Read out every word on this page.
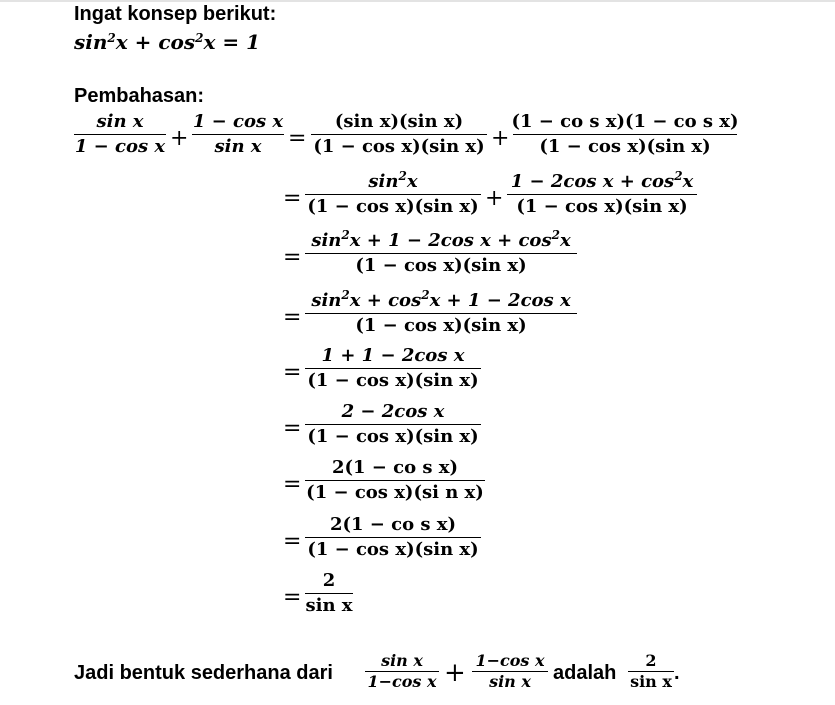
Ingat konsep berikut:
$\sin^2x + \cos^2x = 1$
Pembahasan:
sin x
1 − cos x +
1 − cos x
sin x =
(sin x)(sin x)
(1 − cos x)(sin x) +
(1 − co s x)(1 − co s x)
(1 − cos x)(sin x)
=
$\sin^2x$
(1 − cos x)(sin x) +
1 − 2cos $x + \cos^2x$
(1 − cos x)(sin x)
=
$\sin^2x + 1 - 2\cos$ $x + \cos^2x$
(1 − cos x)(sin x)
=
$\sin^2x + \cos^2x + 1 - 2\cos$ x
(1 − cos x)(sin x)
=
1 + 1 − 2cos x
(1 − cos x)(sin x)
=
2 − 2cos x
(1 − cos x)(sin x)
=
2(1 − co s x)
(1 − cos x)(si n x)
=
2(1 − co s x)
(1 − cos x)(sin x)
=
2
sin x
Jadi bentuk sederhana dari
sin x
1−cos x + 1−cos x
sin x adalah
2
sin x .
